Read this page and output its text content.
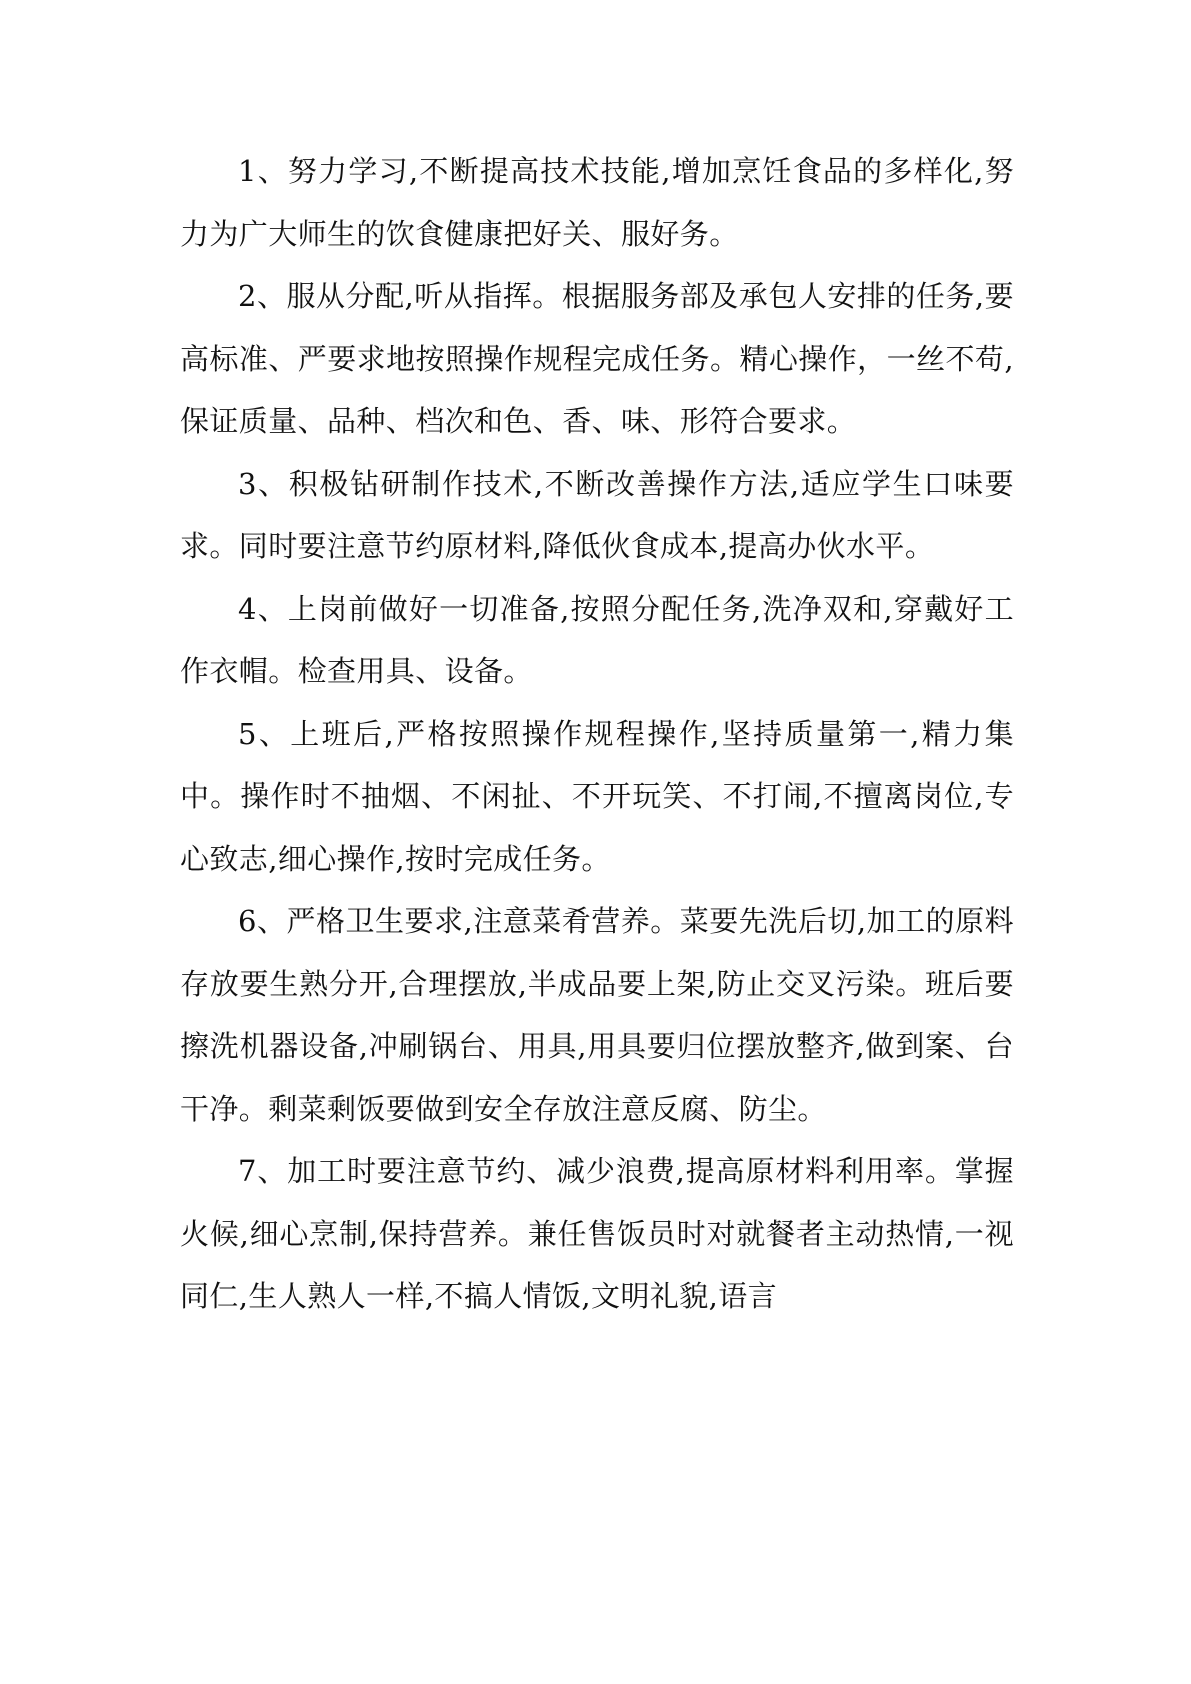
1、努力学习,不断提高技术技能,增加烹饪食品的多样化,努力为广大师生的饮食健康把好关、服好务。

2、服从分配,听从指挥。根据服务部及承包人安排的任务,要高标准、严要求地按照操作规程完成任务。精心操作，一丝不苟,保证质量、品种、档次和色、香、味、形符合要求。

3、积极钻研制作技术,不断改善操作方法,适应学生口味要求。同时要注意节约原材料,降低伙食成本,提高办伙水平。

4、上岗前做好一切准备,按照分配任务,洗净双和,穿戴好工作衣帽。检查用具、设备。

5、上班后,严格按照操作规程操作,坚持质量第一,精力集中。操作时不抽烟、不闲扯、不开玩笑、不打闹,不擅离岗位,专心致志,细心操作,按时完成任务。

6、严格卫生要求,注意菜肴营养。菜要先洗后切,加工的原料存放要生熟分开,合理摆放,半成品要上架,防止交叉污染。班后要擦洗机器设备,冲刷锅台、用具,用具要归位摆放整齐,做到案、台干净。剩菜剩饭要做到安全存放注意反腐、防尘。

7、加工时要注意节约、减少浪费,提高原材料利用率。掌握火候,细心烹制,保持营养。兼任售饭员时对就餐者主动热情,一视同仁,生人熟人一样,不搞人情饭,文明礼貌,语言
